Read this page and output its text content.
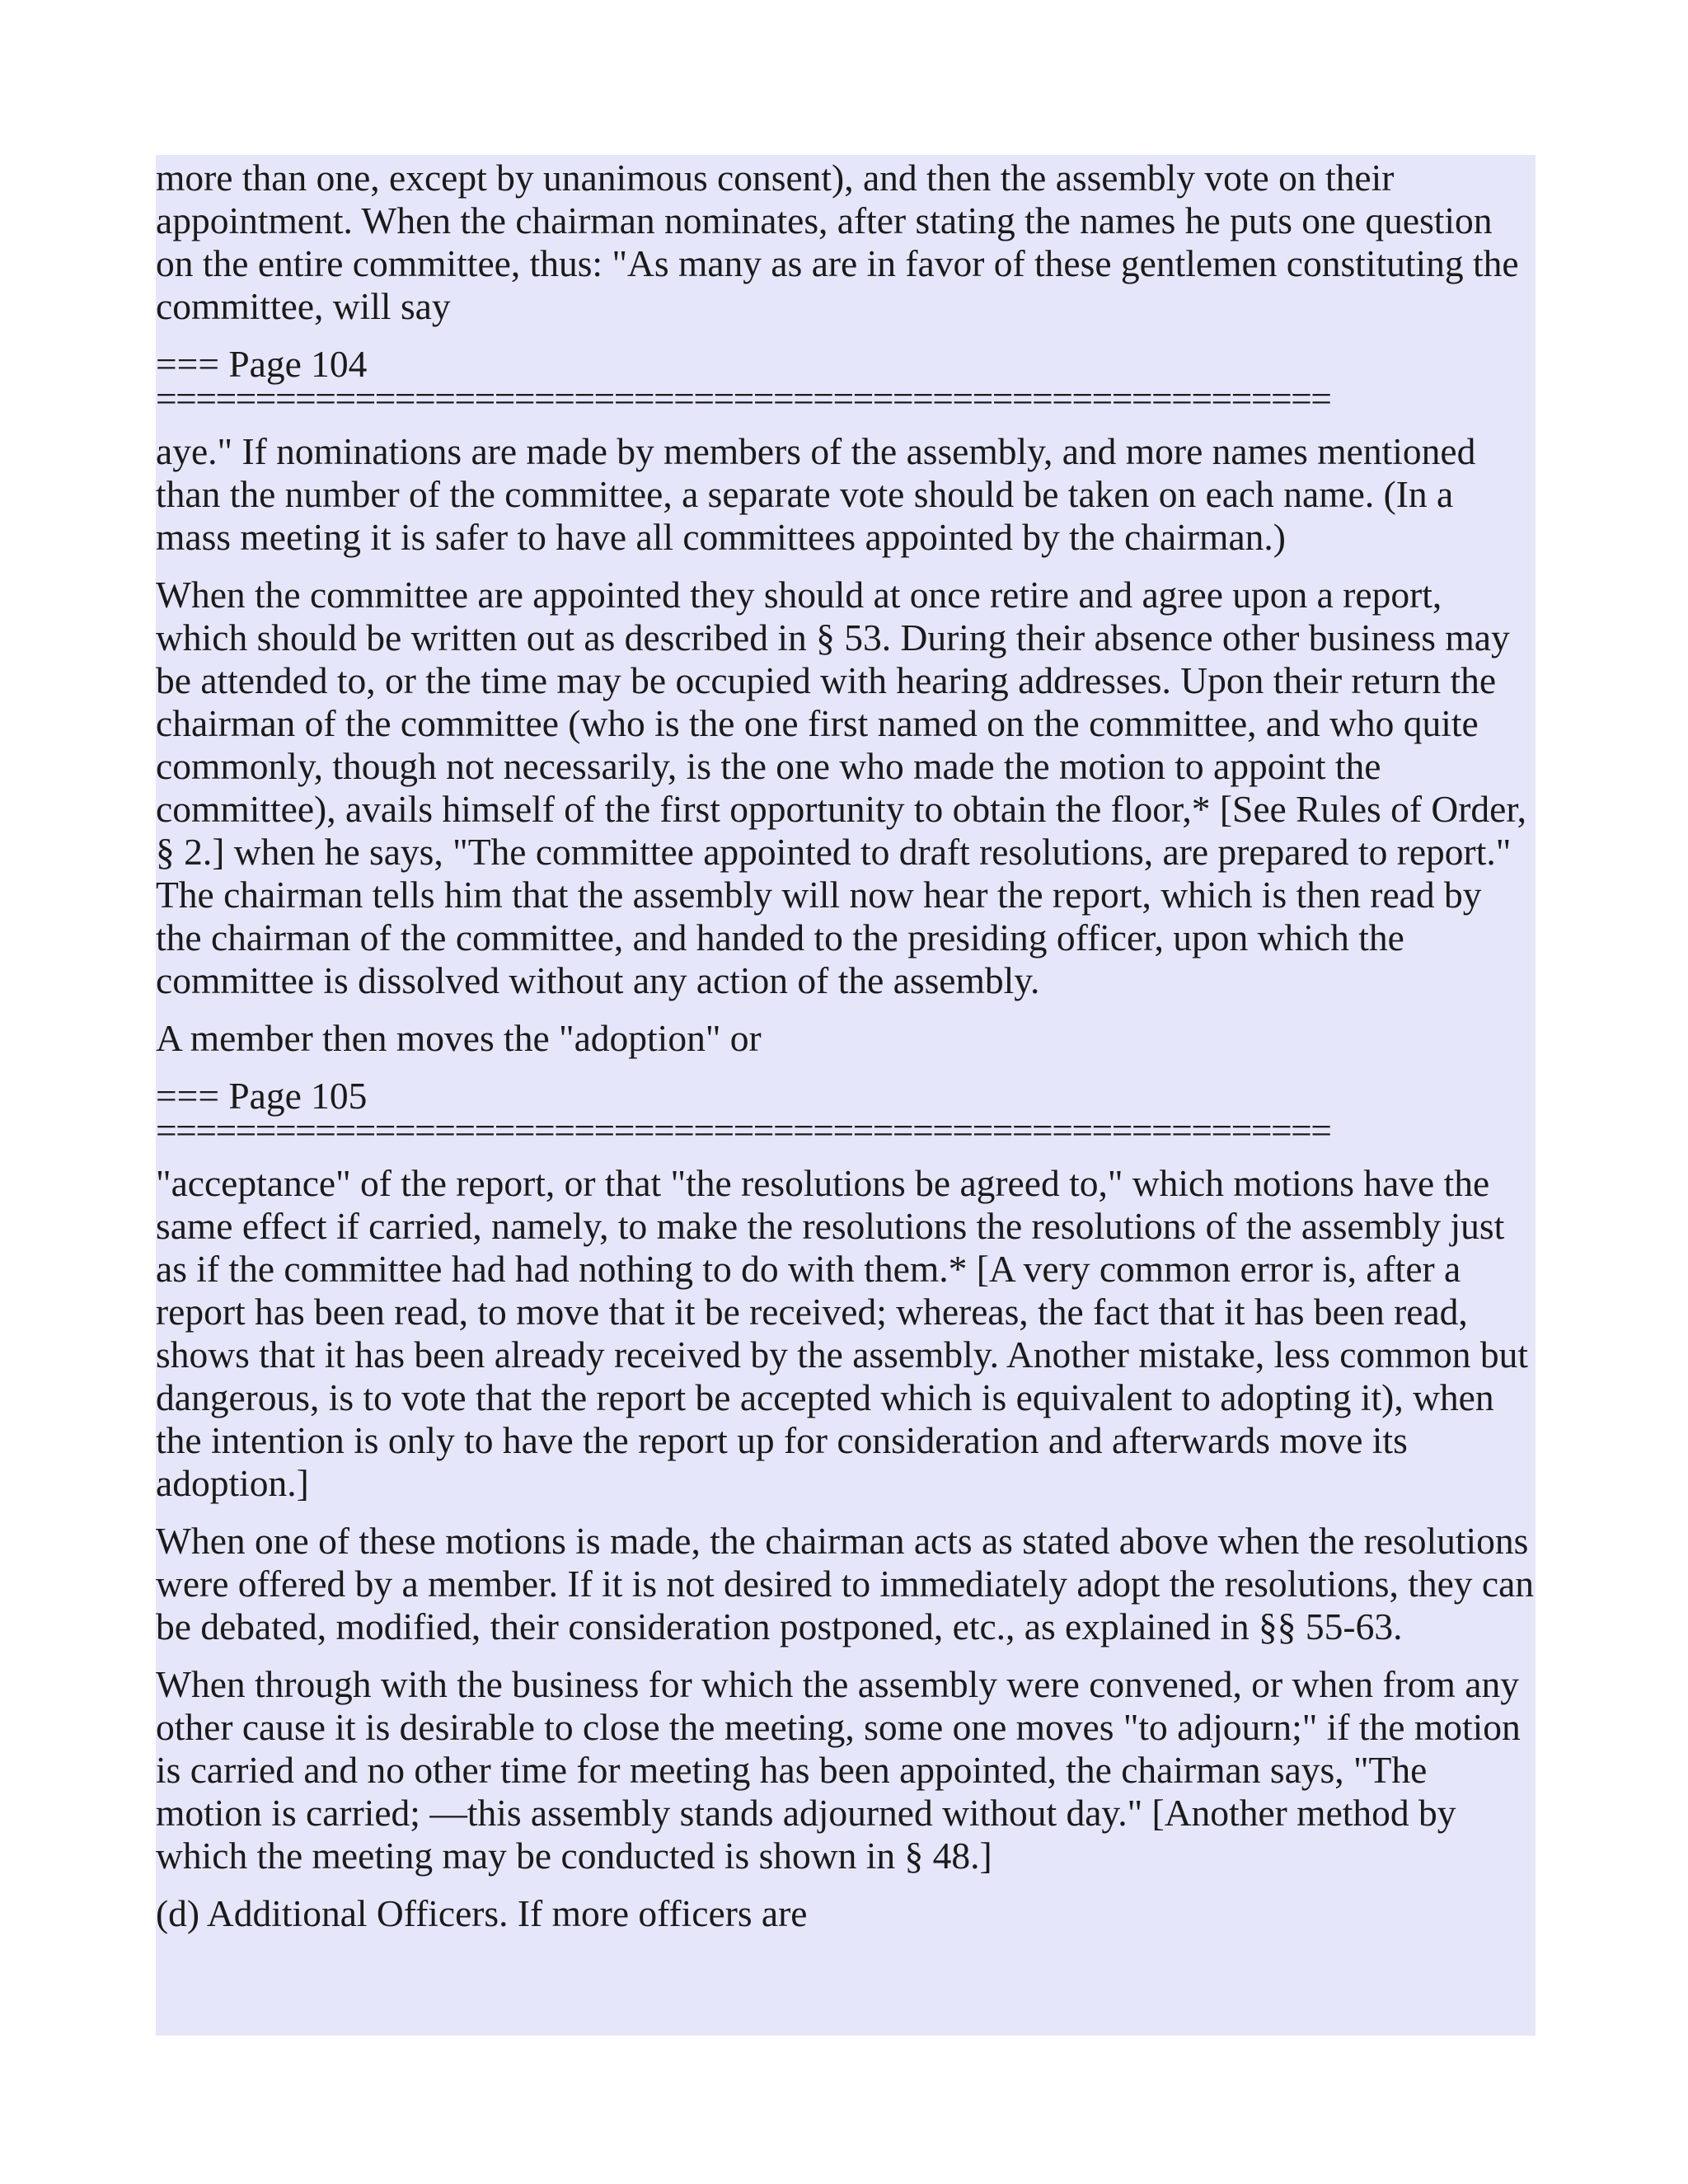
more than one, except by unanimous consent), and then the assembly vote on their appointment. When the chairman nominates, after stating the names he puts one question on the entire committee, thus: "As many as are in favor of these gentlemen constituting the committee, will say

=== Page 104
===========================================================

aye." If nominations are made by members of the assembly, and more names mentioned than the number of the committee, a separate vote should be taken on each name. (In a mass meeting it is safer to have all committees appointed by the chairman.)

When the committee are appointed they should at once retire and agree upon a report, which should be written out as described in § 53. During their absence other business may be attended to, or the time may be occupied with hearing addresses. Upon their return the chairman of the committee (who is the one first named on the committee, and who quite commonly, though not necessarily, is the one who made the motion to appoint the committee), avails himself of the first opportunity to obtain the floor,* [See Rules of Order, § 2.] when he says, "The committee appointed to draft resolutions, are prepared to report." The chairman tells him that the assembly will now hear the report, which is then read by the chairman of the committee, and handed to the presiding officer, upon which the committee is dissolved without any action of the assembly.

A member then moves the "adoption" or

=== Page 105
===========================================================

"acceptance" of the report, or that "the resolutions be agreed to," which motions have the same effect if carried, namely, to make the resolutions the resolutions of the assembly just as if the committee had had nothing to do with them.* [A very common error is, after a report has been read, to move that it be received; whereas, the fact that it has been read, shows that it has been already received by the assembly. Another mistake, less common but dangerous, is to vote that the report be accepted which is equivalent to adopting it), when the intention is only to have the report up for consideration and afterwards move its adoption.]

When one of these motions is made, the chairman acts as stated above when the resolutions were offered by a member. If it is not desired to immediately adopt the resolutions, they can be debated, modified, their consideration postponed, etc., as explained in §§ 55-63.

When through with the business for which the assembly were convened, or when from any other cause it is desirable to close the meeting, some one moves "to adjourn;" if the motion is carried and no other time for meeting has been appointed, the chairman says, "The motion is carried; —this assembly stands adjourned without day." [Another method by which the meeting may be conducted is shown in § 48.]

(d) Additional Officers. If more officers are
